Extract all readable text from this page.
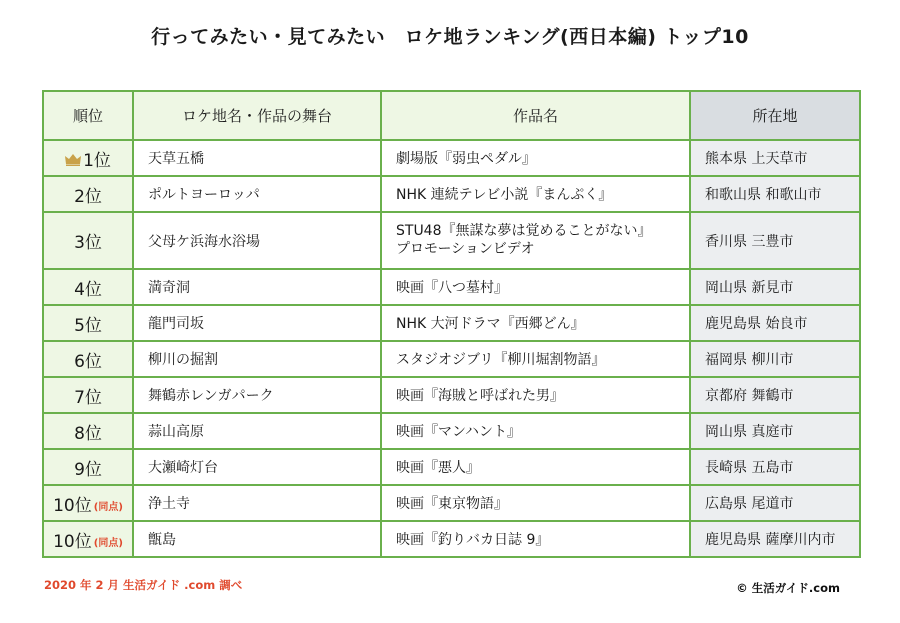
行ってみたい・見てみたい　ロケ地ランキング(西日本編) トップ10
順位	ロケ地名・作品の舞台	作品名	所在地
1位	天草五橋	劇場版『弱虫ペダル』	熊本県 上天草市
2位	ポルトヨーロッパ	NHK 連続テレビ小説『まんぷく』	和歌山県 和歌山市
3位	父母ケ浜海水浴場	STU48『無謀な夢は覚めることがない』
プロモーションビデオ	香川県 三豊市
4位	満奇洞	映画『八つ墓村』	岡山県 新見市
5位	龍門司坂	NHK 大河ドラマ『西郷どん』	鹿児島県 始良市
6位	柳川の掘割	スタジオジブリ『柳川堀割物語』	福岡県 柳川市
7位	舞鶴赤レンガパーク	映画『海賊と呼ばれた男』	京都府 舞鶴市
8位	蒜山高原	映画『マンハント』	岡山県 真庭市
9位	大瀬崎灯台	映画『悪人』	長崎県 五島市
10位 (同点)	浄土寺	映画『東京物語』	広島県 尾道市
10位 (同点)	甑島	映画『釣りバカ日誌 9』	鹿児島県 薩摩川内市
2020 年 2 月 生活ガイド .com 調べ	© 生活ガイド.com
